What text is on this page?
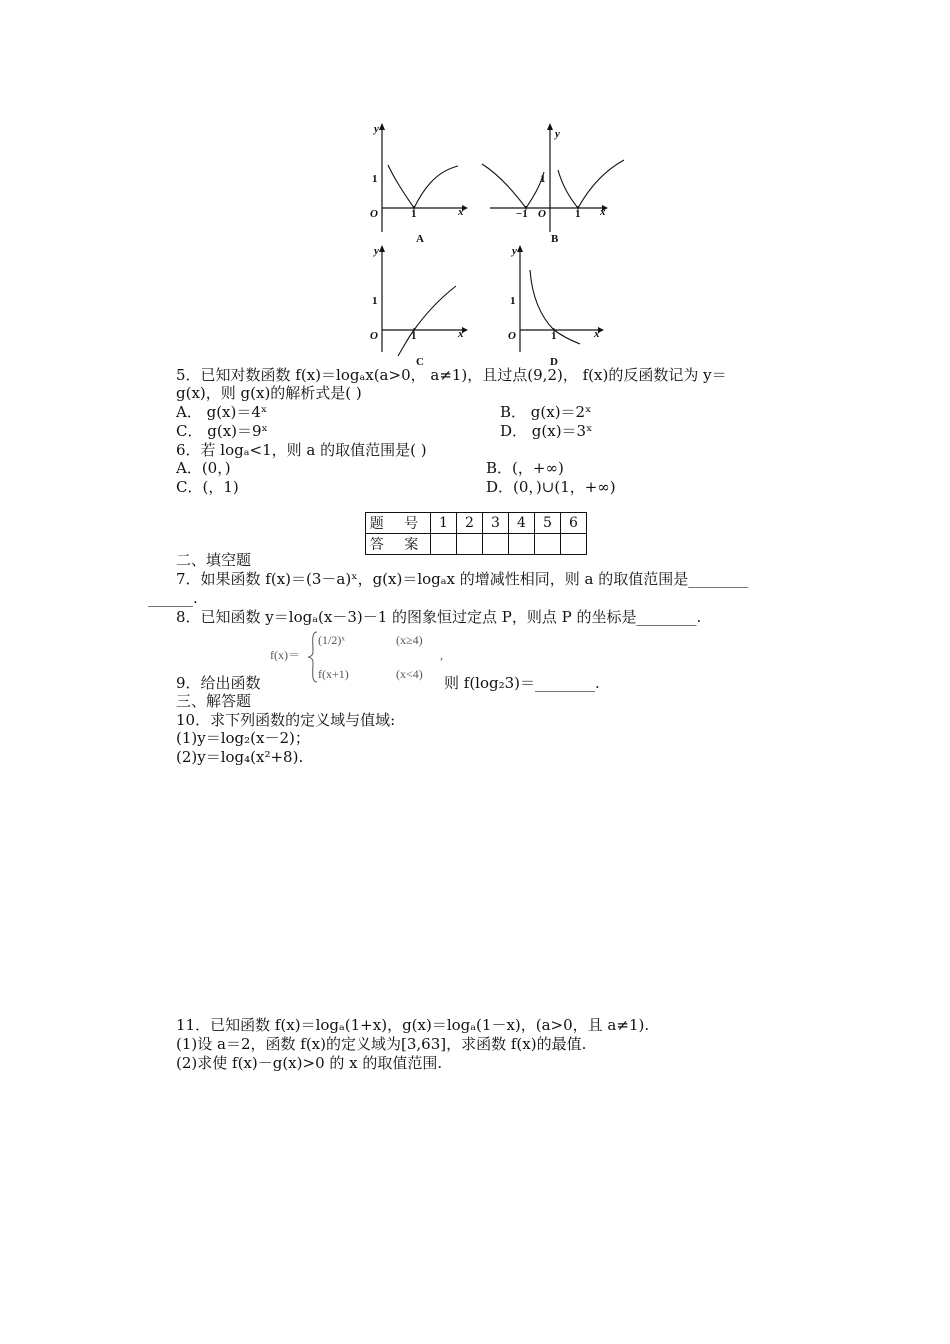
y
x
O
1
1
A
y
x
O
1
1
−1
B
y
x
O
1
1
C
y
x
O
1
1
D
5．已知对数函数 f(x)＝logₐx(a>0， a≠1)，且过点(9,2)， f(x)的反函数记为 y＝
g(x)，则 g(x)的解析式是( )
A． g(x)＝4ˣ	B． g(x)＝2ˣ
C． g(x)＝9ˣ	D． g(x)＝3ˣ
6．若 logₐ<1，则 a 的取值范围是( )
A．(0，)	B．(，+∞)
C．(，1)	D．(0，)∪(1，+∞)
题 号	1	2	3	4	5	6
答 案						
二、填空题
7．如果函数 f(x)＝(3－a)ˣ，g(x)＝logₐx 的增减性相同，则 a 的取值范围是________
______.
8．已知函数 y＝logₐ(x－3)－1 的图象恒过定点 P，则点 P 的坐标是________.
f(x)＝
(1/2)ˣ	(x≥4)
,
f(x+1)	(x<4)
9．给出函数	则 f(log₂3)＝________.
三、解答题
10．求下列函数的定义域与值域:
(1)y＝log₂(x－2)；
(2)y＝log₄(x²+8).
11．已知函数 f(x)＝logₐ(1+x)，g(x)＝logₐ(1－x)，(a>0，且 a≠1).
(1)设 a＝2，函数 f(x)的定义域为[3,63]，求函数 f(x)的最值.
(2)求使 f(x)－g(x)>0 的 x 的取值范围.
